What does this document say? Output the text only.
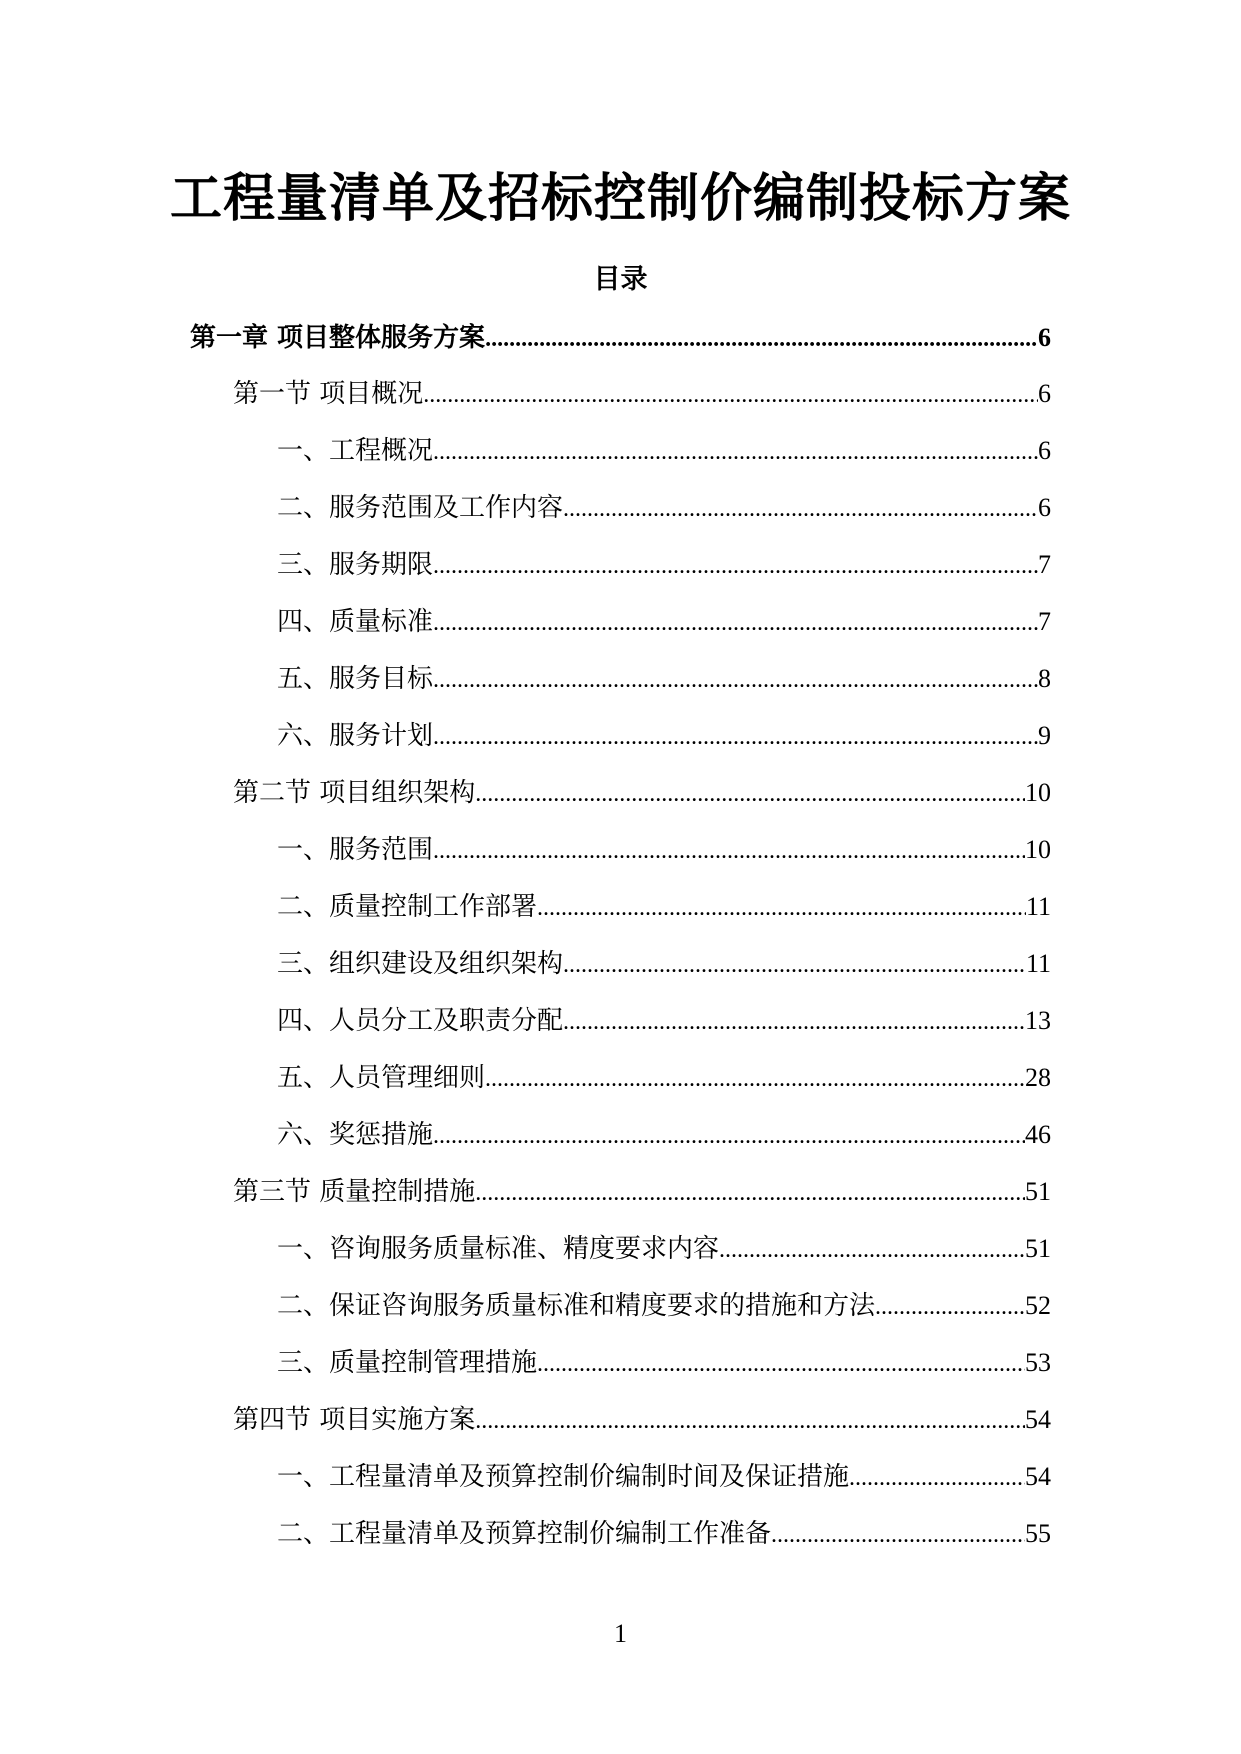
工程量清单及招标控制价编制投标方案
目录
第一章 项目整体服务方案 .....	6
第一节 项目概况 .....	6
一、工程概况 .....	6
二、服务范围及工作内容 .....	6
三、服务期限 .....	7
四、质量标准 .....	7
五、服务目标 .....	8
六、服务计划 .....	9
第二节 项目组织架构 .....	10
一、服务范围 .....	10
二、质量控制工作部署 .....	11
三、组织建设及组织架构 .....	11
四、人员分工及职责分配 .....	13
五、人员管理细则 .....	28
六、奖惩措施 .....	46
第三节 质量控制措施 .....	51
一、咨询服务质量标准、精度要求内容 .....	51
二、保证咨询服务质量标准和精度要求的措施和方法 .....	52
三、质量控制管理措施 .....	53
第四节 项目实施方案 .....	54
一、工程量清单及预算控制价编制时间及保证措施 .....	54
二、工程量清单及预算控制价编制工作准备 .....	55
1
